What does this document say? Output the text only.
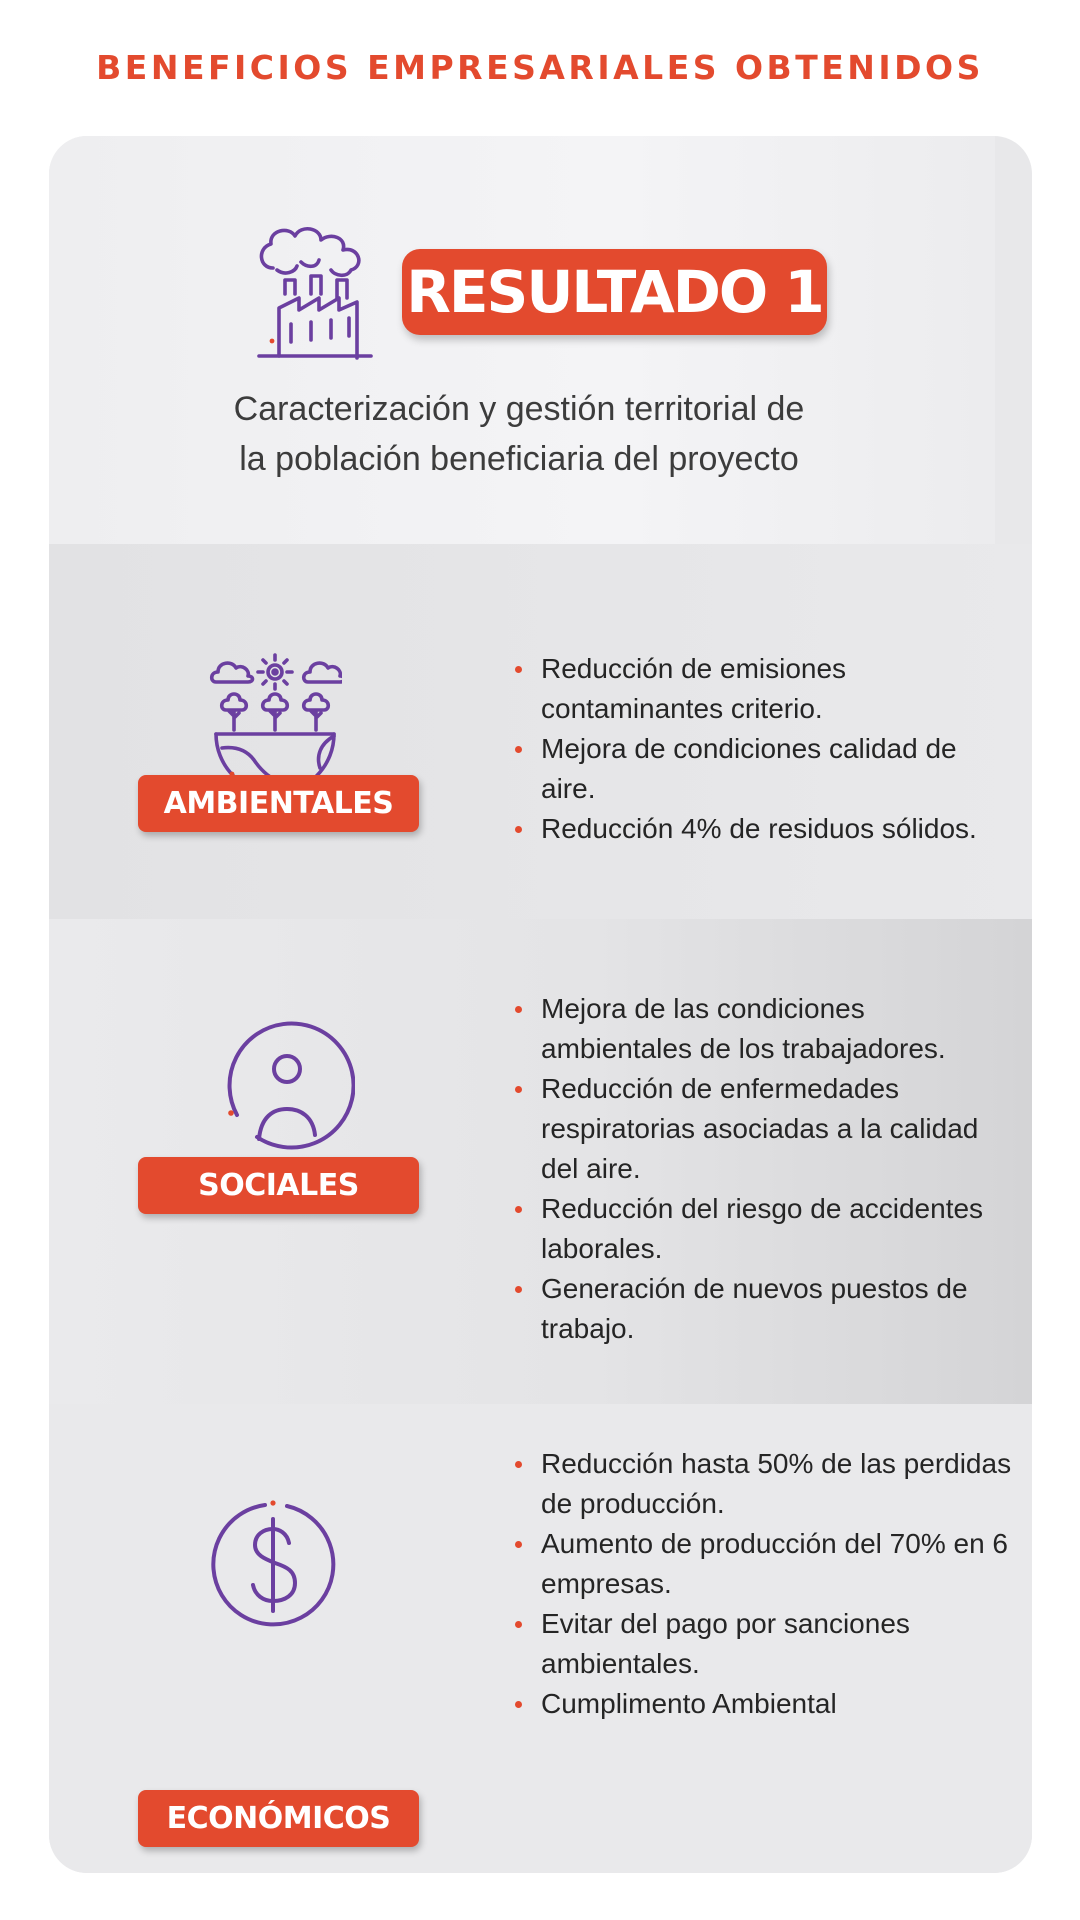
BENEFICIOS EMPRESARIALES OBTENIDOS
RESULTADO 1
Caracterización y gestión territorial de
la población beneficiaria del proyecto
AMBIENTALES
Reducción de emisiones contaminantes criterio.
Mejora de condiciones calidad de aire.
Reducción 4% de residuos sólidos.
SOCIALES
Mejora de las condiciones ambientales de los trabajadores.
Reducción de enfermedades respiratorias asociadas a la calidad del aire.
Reducción del riesgo de accidentes laborales.
Generación de nuevos puestos de trabajo.
ECONÓMICOS
Reducción hasta 50% de las perdidas de producción.
Aumento de producción del 70% en 6 empresas.
Evitar del pago por sanciones ambientales.
Cumplimento Ambiental
